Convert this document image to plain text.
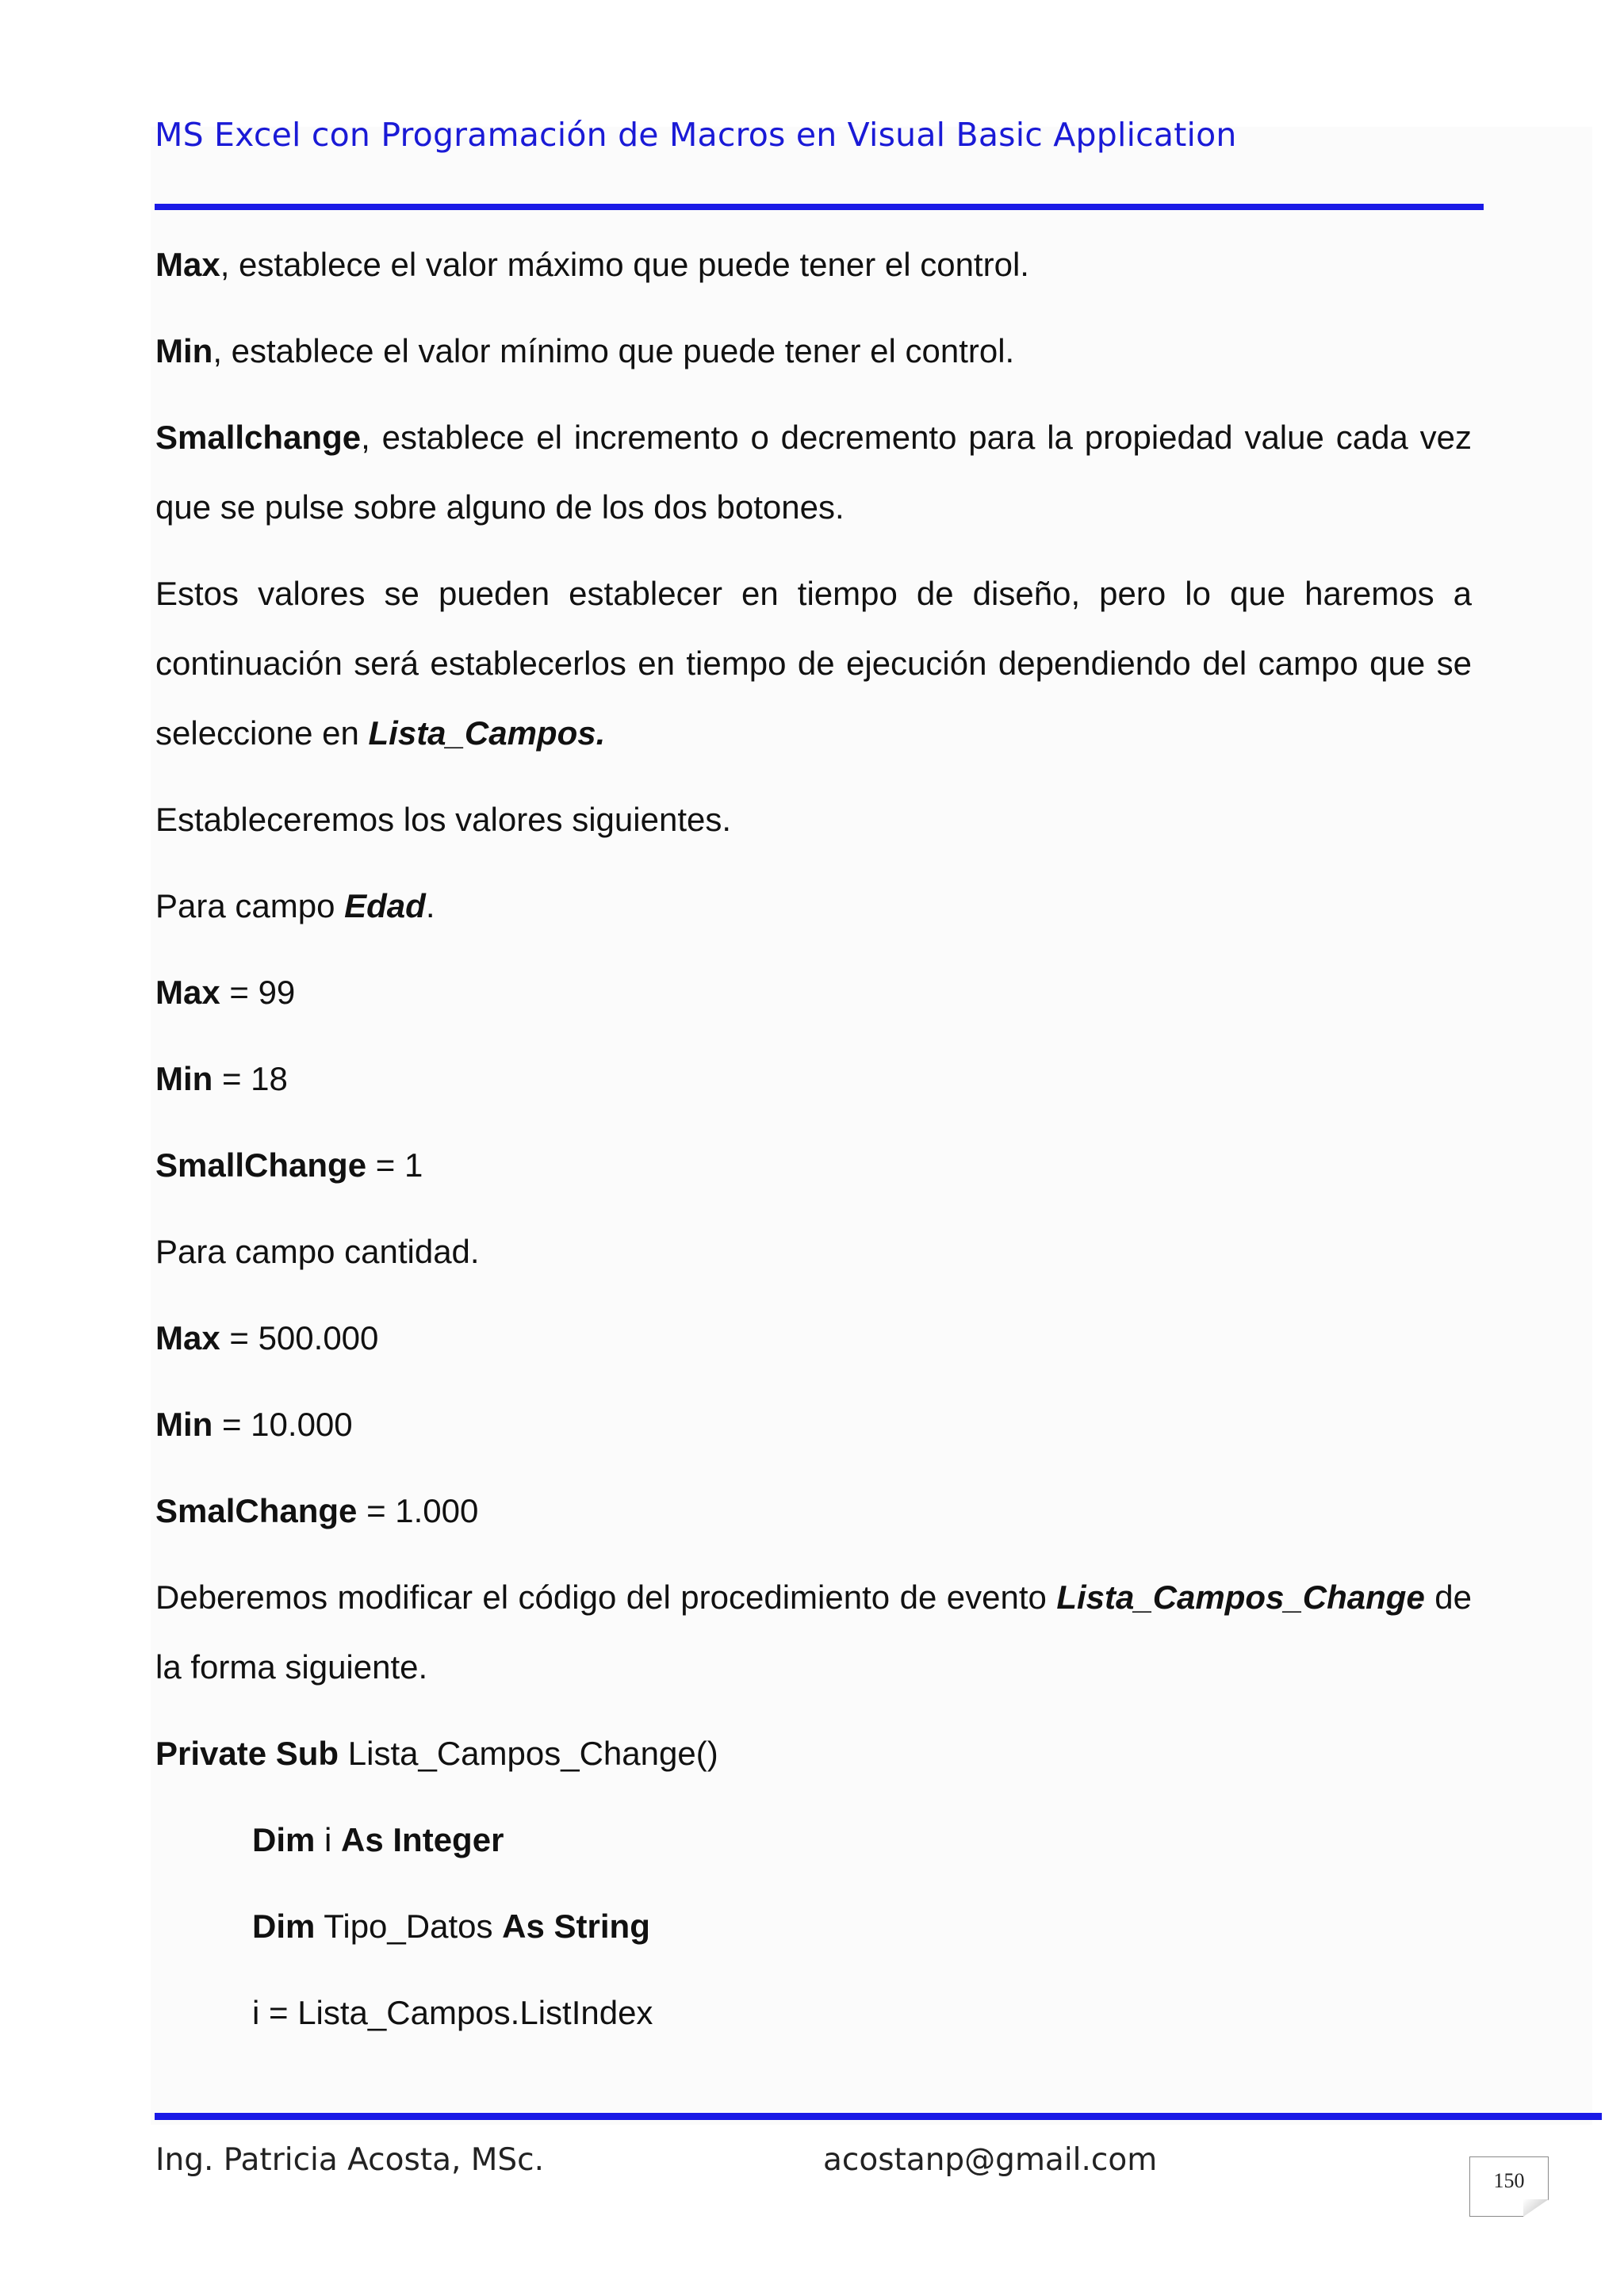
MS Excel con Programación de Macros en Visual Basic Application

Max, establece el valor máximo que puede tener el control.

Min, establece el valor mínimo que puede tener el control.

Smallchange, establece el incremento o decremento para la propiedad value cada vez que se pulse sobre alguno de los dos botones.

Estos valores se pueden establecer en tiempo de diseño, pero lo que haremos a continuación será establecerlos en tiempo de ejecución dependiendo del campo que se seleccione en Lista_Campos.

Estableceremos los valores siguientes.

Para campo Edad.

Max = 99

Min = 18

SmallChange = 1

Para campo cantidad.

Max = 500.000

Min = 10.000

SmalChange = 1.000

Deberemos modificar el código del procedimiento de evento Lista_Campos_Change de la forma siguiente.

Private Sub Lista_Campos_Change()

Dim i As Integer

Dim Tipo_Datos As String

i = Lista_Campos.ListIndex

Ing. Patricia Acosta, MSc.	acostanp@gmail.com
150
